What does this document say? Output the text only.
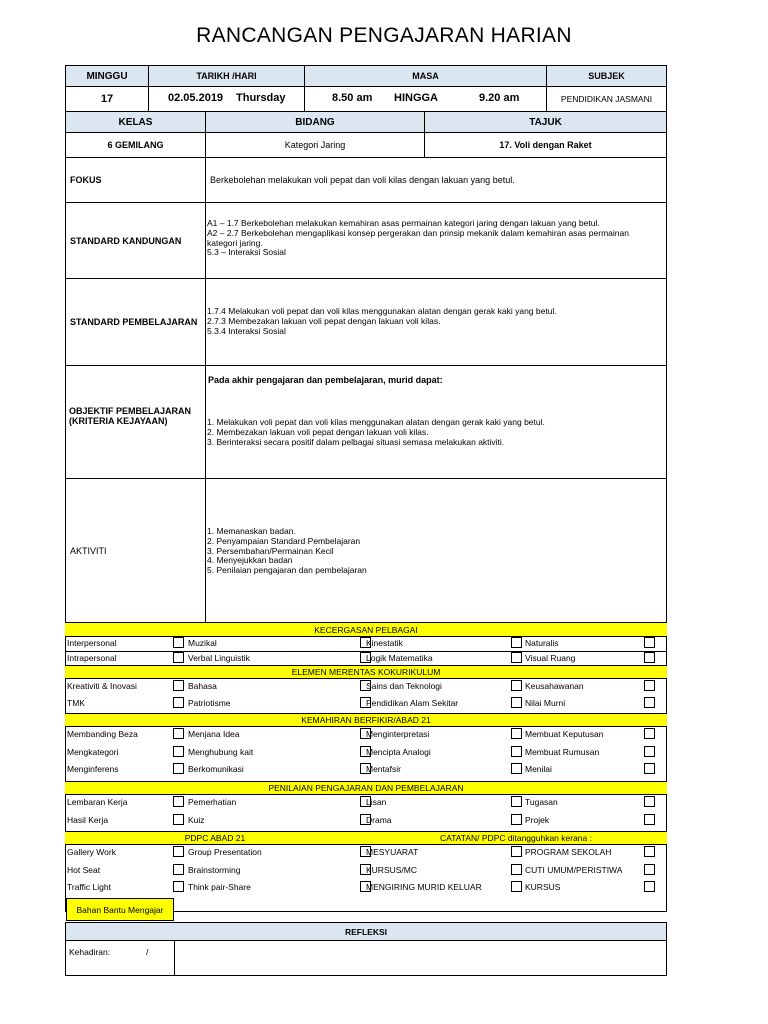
RANCANGAN PENGAJARAN HARIAN
MINGGU	TARIKH /HARI	MASA	SUBJEK
17	02.05.2019 Thursday	8.50 am HINGGA	9.20 am	PENDIDIKAN JASMANI
KELAS	BIDANG	TAJUK
6 GEMILANG	Kategori Jaring	17. Voli dengan Raket
FOKUS	Berkebolehan melakukan voli pepat dan voli kilas dengan lakuan yang betul.
STANDARD KANDUNGAN
A1 – 1.7 Berkebolehan melakukan kemahiran asas permainan kategori jaring dengan lakuan yang betul.
A2 – 2.7 Berkebolehan mengaplikasi konsep pergerakan dan prinsip mekanik dalam kemahiran asas permainan
kategori jaring.
5.3 – Interaksi Sosial
STANDARD PEMBELAJARAN
1.7.4 Melakukan voli pepat dan voli kilas menggunakan alatan dengan gerak kaki yang betul.
2.7.3 Membezakan lakuan voli pepat dengan lakuan voli kilas.
5.3.4 Interaksi Sosial
OBJEKTIF PEMBELAJARAN
(KRITERIA KEJAYAAN)
Pada akhir pengajaran dan pembelajaran, murid dapat:
1. Melakukan voli pepat dan voli kilas menggunakan alatan dengan gerak kaki yang betul.
2. Membezakan lakuan voli pepat dengan lakuan voli kilas.
3. Berinteraksi secara positif dalam pelbagai situasi semasa melakukan aktiviti.
AKTIVITI
1. Memanaskan badan.
2. Penyampaian Standard Pembelajaran
3. Persembahan/Permainan Kecil
4. Menyejukkan badan
5. Penilaian pengajaran dan pembelajaran
KECERGASAN PELBAGAI
ELEMEN MERENTAS KOKURIKULUM
KEMAHIRAN BERFIKIR/ABAD 21
PENILAIAN PENGAJARAN DAN PEMBELAJARAN
PDPC ABAD 21	CATATAN/ PDPC ditangguhkan kerana :
Interpersonal	Muzikal	Kinestatik	Naturalis
Intrapersonal	Verbal Linguistik	Logik Matematika	Visual Ruang
Kreativiti & Inovasi	Bahasa	Sains dan Teknologi	Keusahawanan
TMK	Patriotisme	Pendidikan Alam Sekitar	Nilai Murni
Membanding Beza	Menjana Idea	Menginterpretasi	Membuat Keputusan
Mengkategori	Menghubung kait	Mencipta Analogi	Membuat Rumusan
Menginferens	Berkomunikasi	Mentafsir	Menilai
Lembaran Kerja	Pemerhatian	Lisan	Tugasan
Hasil Kerja	Kuiz	Drama	Projek
Gallery Work	Group Presentation	MESYUARAT	PROGRAM SEKOLAH
Hot Seat	Brainstorming	KURSUS/MC	CUTI UMUM/PERISTIWA
Traffic Light	Think pair-Share	MENGIRING MURID KELUAR	KURSUS
Bahan Bantu Mengajar
REFLEKSI
Kehadiran:	/
